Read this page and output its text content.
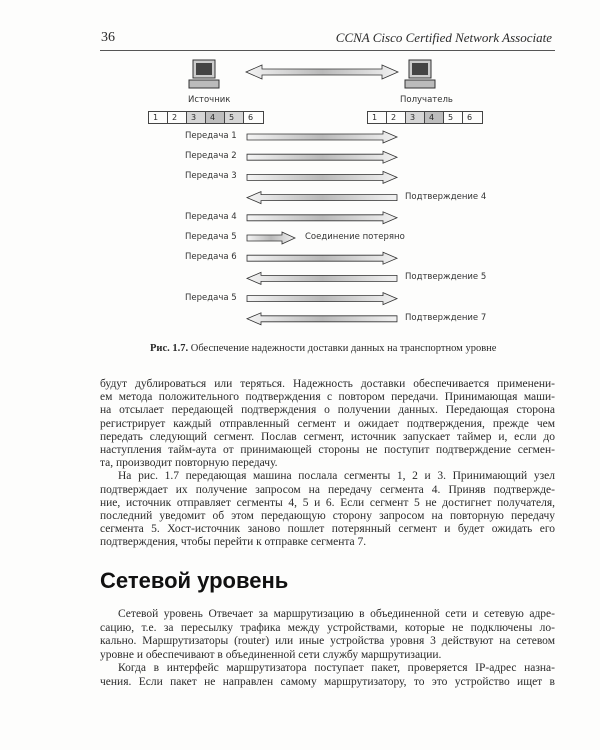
36	CCNA Cisco Certified Network Associate
Источник	Получатель
1	2	3	4	5	6	1	2	3	4	5	6
Передача 1
Передача 2
Передача 3
Подтверждение 4
Передача 4
Передача 5	Соединение потеряно
Передача 6
Подтверждение 5
Передача 5
Подтверждение 7
Рис. 1.7. Обеспечение надежности доставки данных на транспортном уровне
будут дублироваться или теряться. Надежность доставки обеспечивается применени-
ем метода положительного подтверждения с повтором передачи. Принимающая маши-
на отсылает передающей подтверждения о получении данных. Передающая сторона
регистрирует каждый отправленный сегмент и ожидает подтверждения, прежде чем
передать следующий сегмент. Послав сегмент, источник запускает таймер и, если до
наступления тайм-аута от принимающей стороны не поступит подтверждение сегмен-
та, производит повторную передачу.
На рис. 1.7 передающая машина послала сегменты 1, 2 и 3. Принимающий узел
подтверждает их получение запросом на передачу сегмента 4. Приняв подтвержде-
ние, источник отправляет сегменты 4, 5 и 6. Если сегмент 5 не достигнет получателя,
последний уведомит об этом передающую сторону запросом на повторную передачу
сегмента 5. Хост-источник заново пошлет потерянный сегмент и будет ожидать его
подтверждения, чтобы перейти к отправке сегмента 7.
Сетевой уровень Отвечает за маршрутизацию в объединенной сети и сетевую адре-
сацию, т.е. за пересылку трафика между устройствами, которые не подключены ло-
кально. Маршрутизаторы (router) или иные устройства уровня 3 действуют на сетевом
уровне и обеспечивают в объединенной сети службу маршрутизации.
Когда в интерфейс маршрутизатора поступает пакет, проверяется IP-адрес назна-
чения. Если пакет не направлен самому маршрутизатору, то это устройство ищет в
Сетевой уровень
